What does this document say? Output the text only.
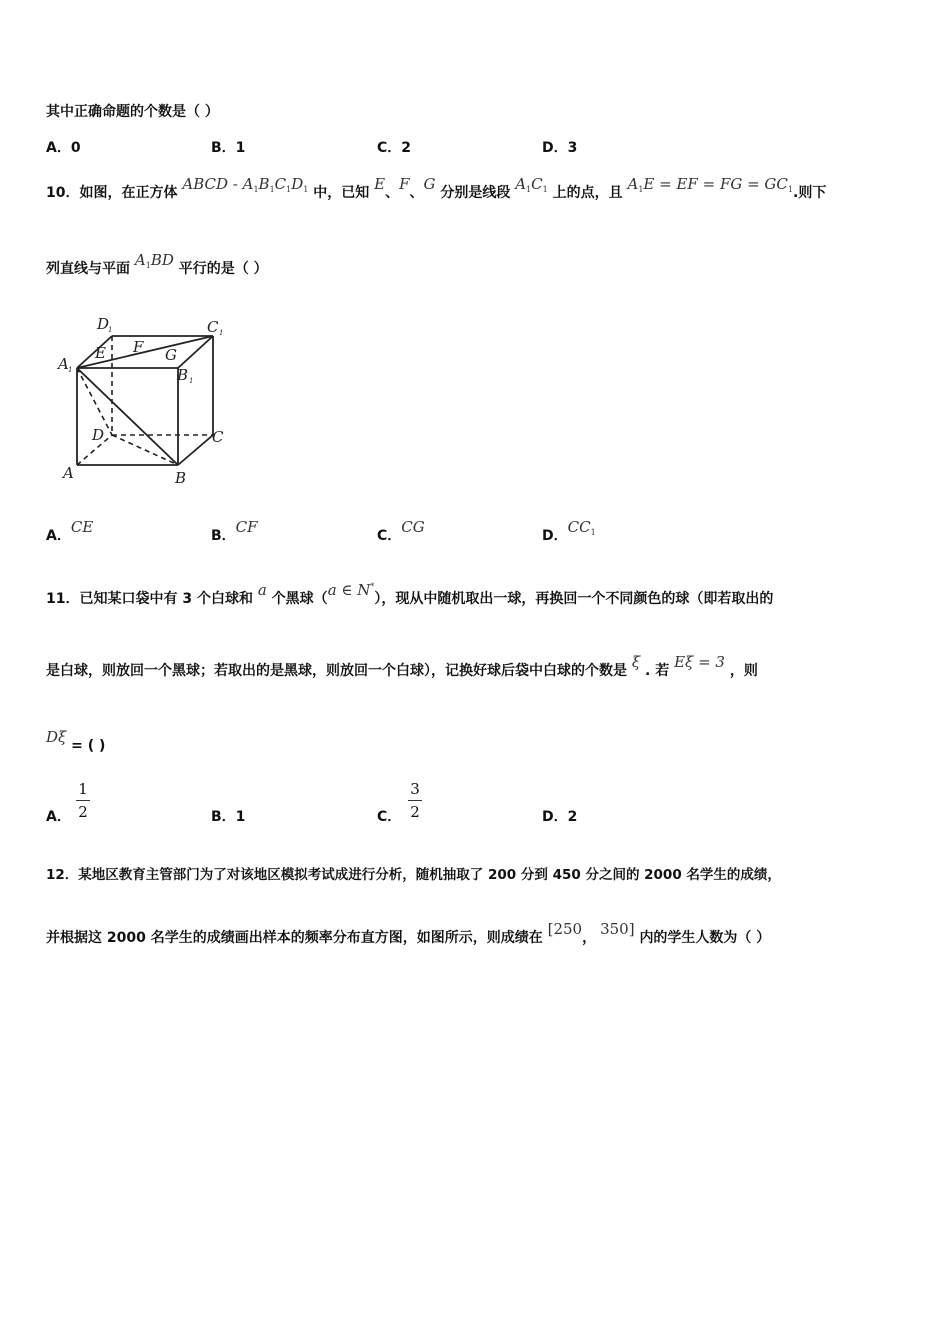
其中正确命题的个数是（ ）
A．0	B．1	C．2	D．3
10．如图，在正方体 ABCD - $A_1B_1C_1D_1$ 中，已知 E、F、G 分别是线段 $A_1C_1$ 上的点，且 $A_1E$ = EF = FG = $GC_1$.则下
列直线与平面 $A_1BD$ 平行的是（ ）
D
1	C 1
A 1	B 1
E F G
D	C
A	B
A．CE	B．CF	C．CG	D．$CC_1$
11．已知某口袋中有 3 个白球和 a 个黑球（a ∈ N*），现从中随机取出一球，再换回一个不同颜色的球（即若取出的
是白球，则放回一个黑球；若取出的是黑球，则放回一个白球），记换好球后袋中白球的个数是 ξ . 若 Eξ = 3 ，则
Dξ = ( )
A．
1
2	B．1	C．
3
2	D．2
12．某地区教育主管部门为了对该地区模拟考试成进行分析，随机抽取了 200 分到 450 分之间的 2000 名学生的成绩，
并根据这 2000 名学生的成绩画出样本的频率分布直方图，如图所示，则成绩在 [250， 350] 内的学生人数为（ ）
